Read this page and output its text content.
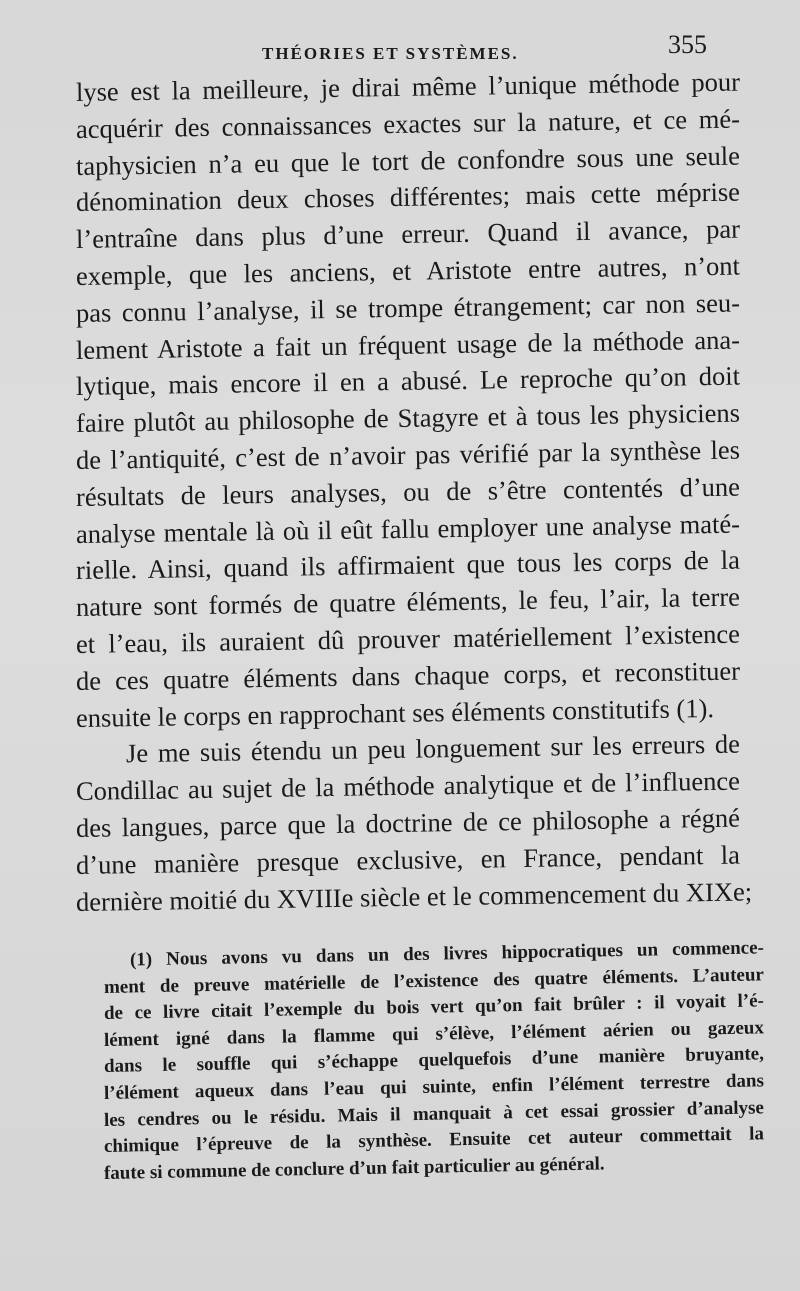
THÉORIES ET SYSTÈMES.	355
lyse est la meilleure, je dirai même l’unique méthode pour
acquérir des connaissances exactes sur la nature, et ce mé-
taphysicien n’a eu que le tort de confondre sous une seule
dénomination deux choses différentes; mais cette méprise
l’entraîne dans plus d’une erreur. Quand il avance, par
exemple, que les anciens, et Aristote entre autres, n’ont
pas connu l’analyse, il se trompe étrangement; car non seu-
lement Aristote a fait un fréquent usage de la méthode ana-
lytique, mais encore il en a abusé. Le reproche qu’on doit
faire plutôt au philosophe de Stagyre et à tous les physiciens
de l’antiquité, c’est de n’avoir pas vérifié par la synthèse les
résultats de leurs analyses, ou de s’être contentés d’une
analyse mentale là où il eût fallu employer une analyse maté-
rielle. Ainsi, quand ils affirmaient que tous les corps de la
nature sont formés de quatre éléments, le feu, l’air, la terre
et l’eau, ils auraient dû prouver matériellement l’existence
de ces quatre éléments dans chaque corps, et reconstituer
ensuite le corps en rapprochant ses éléments constitutifs (1).
Je me suis étendu un peu longuement sur les erreurs de
Condillac au sujet de la méthode analytique et de l’influence
des langues, parce que la doctrine de ce philosophe a régné
d’une manière presque exclusive, en France, pendant la
dernière moitié du XVIIIe siècle et le commencement du XIXe;
(1) Nous avons vu dans un des livres hippocratiques un commence-
ment de preuve matérielle de l’existence des quatre éléments. L’auteur
de ce livre citait l’exemple du bois vert qu’on fait brûler : il voyait l’é-
lément igné dans la flamme qui s’élève, l’élément aérien ou gazeux
dans le souffle qui s’échappe quelquefois d’une manière bruyante,
l’élément aqueux dans l’eau qui suinte, enfin l’élément terrestre dans
les cendres ou le résidu. Mais il manquait à cet essai grossier d’analyse
chimique l’épreuve de la synthèse. Ensuite cet auteur commettait la
faute si commune de conclure d’un fait particulier au général.
